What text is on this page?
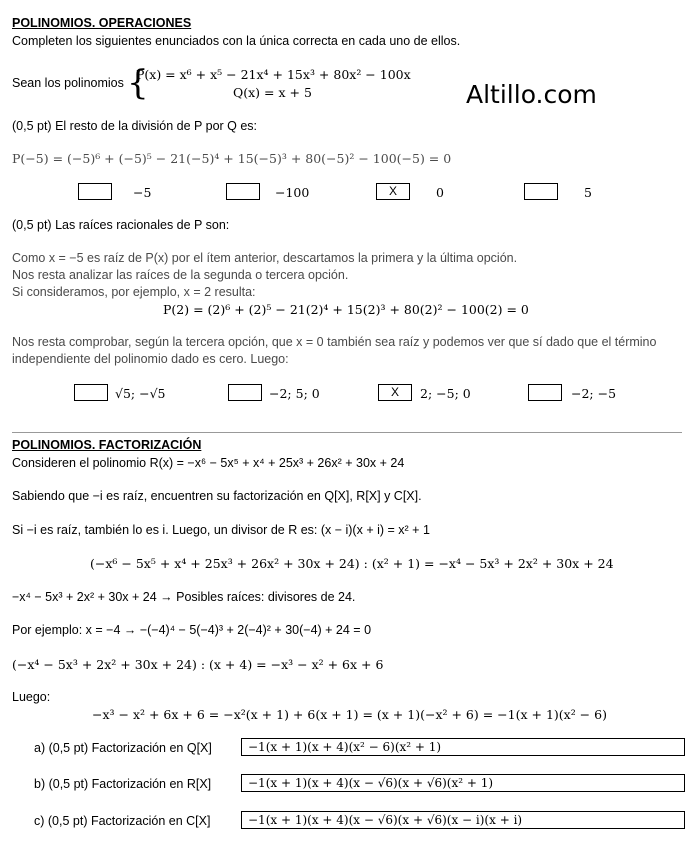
POLINOMIOS. OPERACIONES
Completen los siguientes enunciados con la única correcta en cada uno de ellos.
Sean los polinomios {
P(x) = x⁶ + x⁵ − 21x⁴ + 15x³ + 80x² − 100x
Q(x) = x + 5	Altillo.com
(0,5 pt) El resto de la división de P por Q es:
P(−5) = (−5)⁶ + (−5)⁵ − 21(−5)⁴ + 15(−5)³ + 80(−5)² − 100(−5) = 0
−5	−100	X	0	5
(0,5 pt) Las raíces racionales de P son:
Como x = −5 es raíz de P(x) por el ítem anterior, descartamos la primera y la última opción.
Nos resta analizar las raíces de la segunda o tercera opción.
Si consideramos, por ejemplo, x = 2 resulta:
P(2) = (2)⁶ + (2)⁵ − 21(2)⁴ + 15(2)³ + 80(2)² − 100(2) = 0
Nos resta comprobar, según la tercera opción, que x = 0 también sea raíz y podemos ver que sí dado que el término
independiente del polinomio dado es cero. Luego:
√5; −√5	−2; 5; 0	X	2; −5; 0	−2; −5
POLINOMIOS. FACTORIZACIÓN
Consideren el polinomio R(x) = −x⁶ − 5x⁵ + x⁴ + 25x³ + 26x² + 30x + 24
Sabiendo que −i es raíz, encuentren su factorización en Q[X], R[X] y C[X].
Si −i es raíz, también lo es i. Luego, un divisor de R es: (x − i)(x + i) = x² + 1
(−x⁶ − 5x⁵ + x⁴ + 25x³ + 26x² + 30x + 24) : (x² + 1) = −x⁴ − 5x³ + 2x² + 30x + 24
−x⁴ − 5x³ + 2x² + 30x + 24 → Posibles raíces: divisores de 24.
Por ejemplo: x = −4 → −(−4)⁴ − 5(−4)³ + 2(−4)² + 30(−4) + 24 = 0
(−x⁴ − 5x³ + 2x² + 30x + 24) : (x + 4) = −x³ − x² + 6x + 6
Luego:
−x³ − x² + 6x + 6 = −x²(x + 1) + 6(x + 1) = (x + 1)(−x² + 6) = −1(x + 1)(x² − 6)
a) (0,5 pt) Factorización en Q[X]	−1(x + 1)(x + 4)(x² − 6)(x² + 1)
b) (0,5 pt) Factorización en R[X]	−1(x + 1)(x + 4)(x − √6)(x + √6)(x² + 1)
c) (0,5 pt) Factorización en C[X]	−1(x + 1)(x + 4)(x − √6)(x + √6)(x − i)(x + i)
